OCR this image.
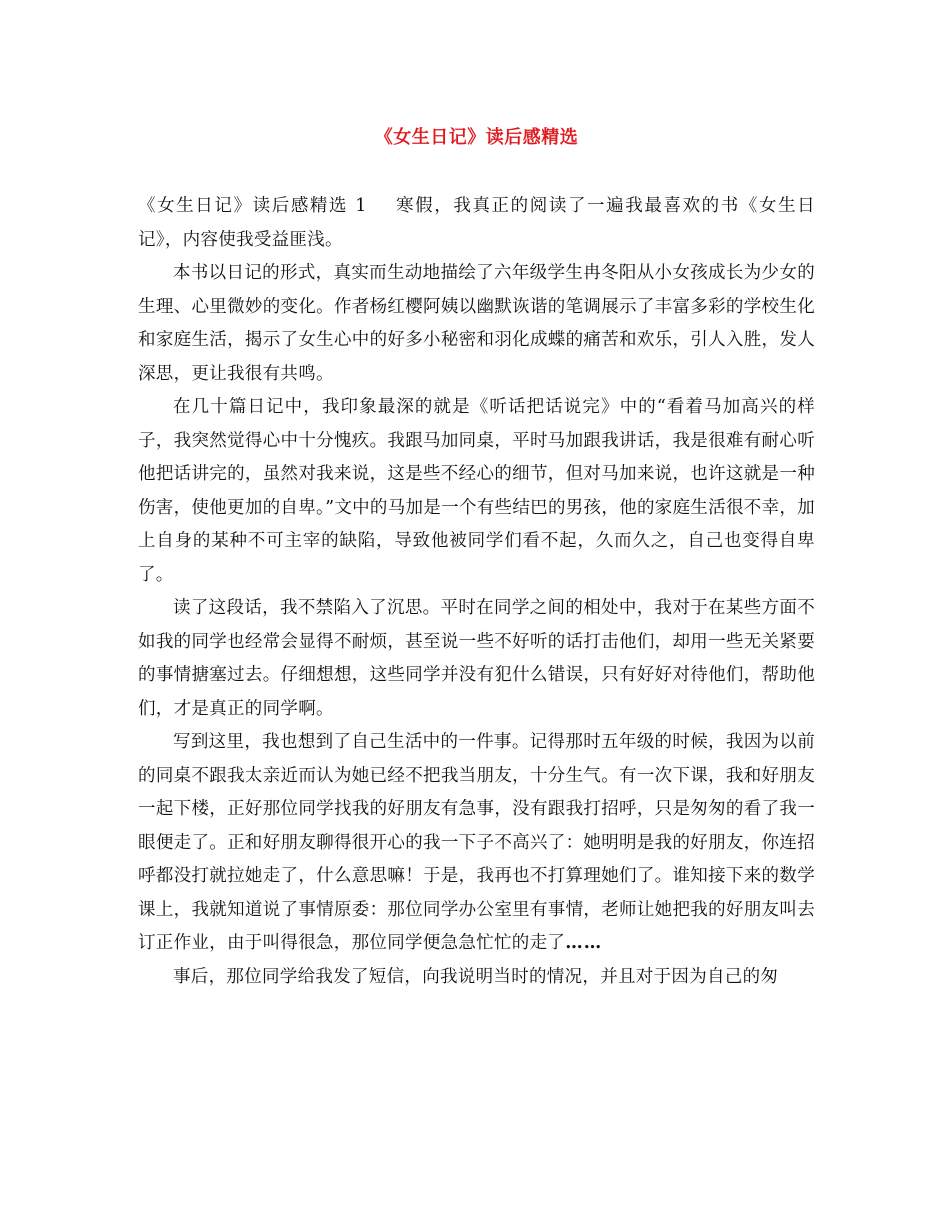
《女生日记》读后感精选

《女生日记》读后感精选 1 寒假，我真正的阅读了一遍我最喜欢的书《女生日记》，内容使我受益匪浅。

本书以日记的形式，真实而生动地描绘了六年级学生冉冬阳从小女孩成长为少女的生理、心里微妙的变化。作者杨红樱阿姨以幽默诙谐的笔调展示了丰富多彩的学校生化和家庭生活，揭示了女生心中的好多小秘密和羽化成蝶的痛苦和欢乐，引人入胜，发人深思，更让我很有共鸣。

在几十篇日记中，我印象最深的就是《听话把话说完》中的“看着马加高兴的样子，我突然觉得心中十分愧疚。我跟马加同桌，平时马加跟我讲话，我是很难有耐心听他把话讲完的，虽然对我来说，这是些不经心的细节，但对马加来说，也许这就是一种伤害，使他更加的自卑。”文中的马加是一个有些结巴的男孩，他的家庭生活很不幸，加上自身的某种不可主宰的缺陷，导致他被同学们看不起，久而久之，自己也变得自卑了。

读了这段话，我不禁陷入了沉思。平时在同学之间的相处中，我对于在某些方面不如我的同学也经常会显得不耐烦，甚至说一些不好听的话打击他们，却用一些无关紧要的事情搪塞过去。仔细想想，这些同学并没有犯什么错误，只有好好对待他们，帮助他们，才是真正的同学啊。

写到这里，我也想到了自己生活中的一件事。记得那时五年级的时候，我因为以前的同桌不跟我太亲近而认为她已经不把我当朋友，十分生气。有一次下课，我和好朋友一起下楼，正好那位同学找我的好朋友有急事，没有跟我打招呼，只是匆匆的看了我一眼便走了。正和好朋友聊得很开心的我一下子不高兴了：她明明是我的好朋友，你连招呼都没打就拉她走了，什么意思嘛！于是，我再也不打算理她们了。谁知接下来的数学课上，我就知道说了事情原委：那位同学办公室里有事情，老师让她把我的好朋友叫去订正作业，由于叫得很急，那位同学便急急忙忙的走了……

事后，那位同学给我发了短信，向我说明当时的情况，并且对于因为自己的匆
